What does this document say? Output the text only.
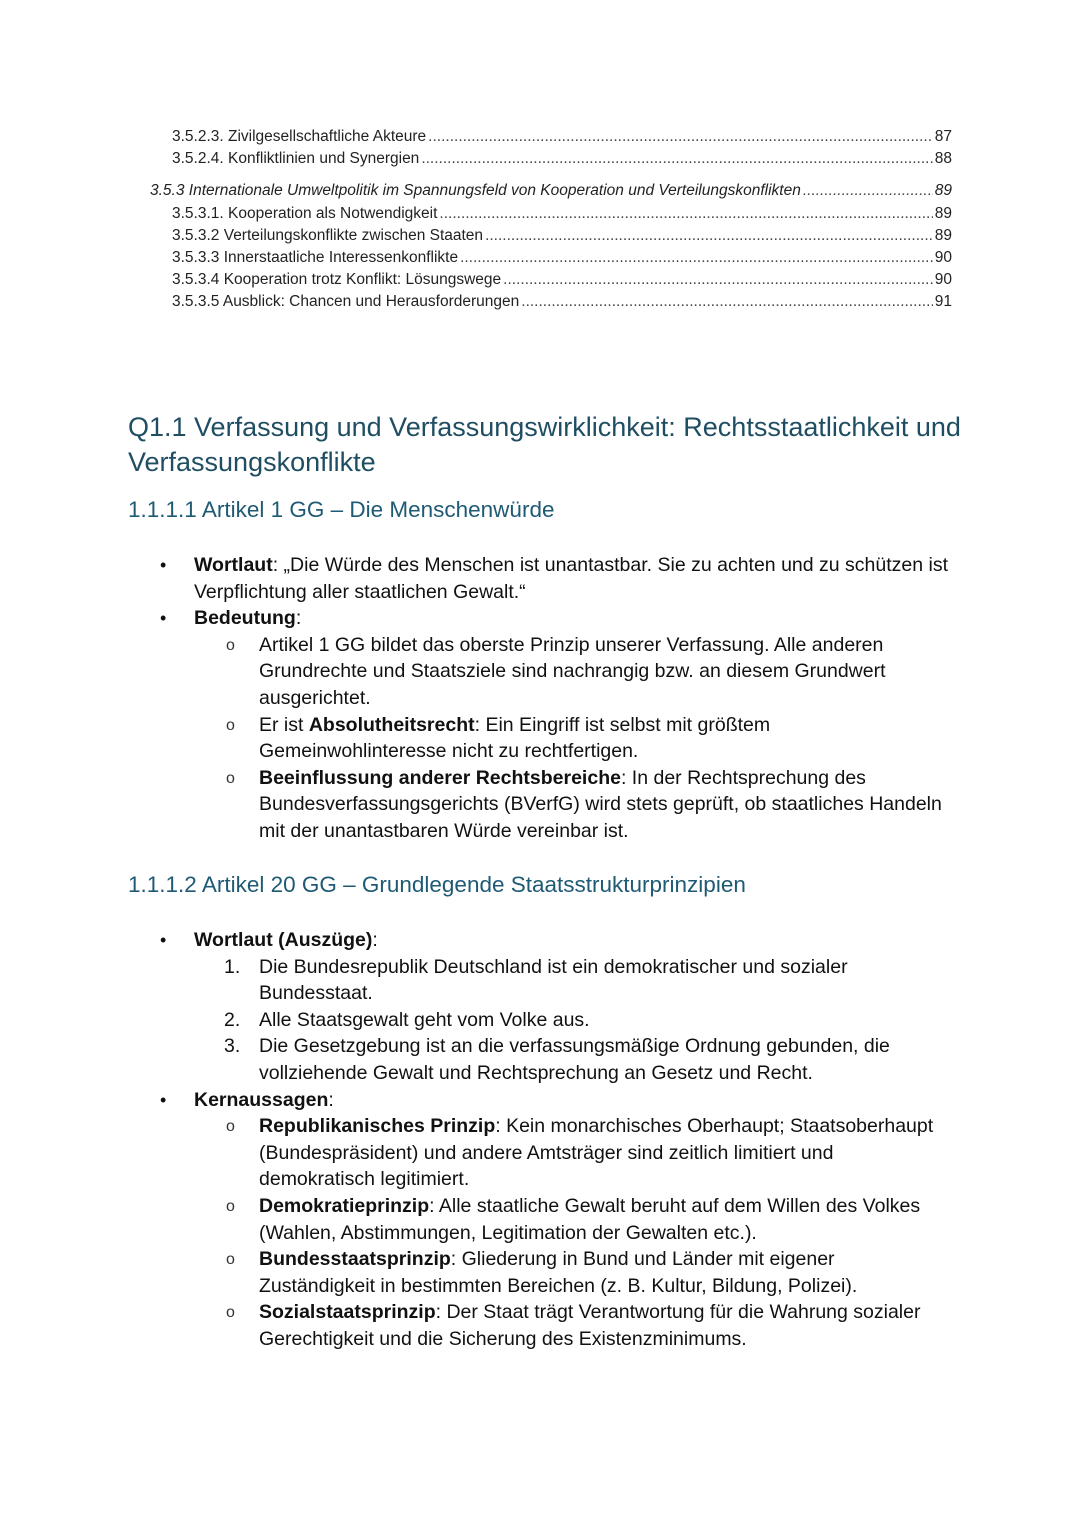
3.5.2.3. Zivilgesellschaftliche Akteure .....	87
3.5.2.4. Konfliktlinien und Synergien .....	88
3.5.3 Internationale Umweltpolitik im Spannungsfeld von Kooperation und Verteilungskonflikten .....	89
3.5.3.1. Kooperation als Notwendigkeit .....	89
3.5.3.2 Verteilungskonflikte zwischen Staaten .....	89
3.5.3.3 Innerstaatliche Interessenkonflikte .....	90
3.5.3.4 Kooperation trotz Konflikt: Lösungswege .....	90
3.5.3.5 Ausblick: Chancen und Herausforderungen .....	91
Q1.1 Verfassung und Verfassungswirklichkeit: Rechtsstaatlichkeit und Verfassungskonflikte
1.1.1.1 Artikel 1 GG – Die Menschenwürde
•	Wortlaut: „Die Würde des Menschen ist unantastbar. Sie zu achten und zu schützen ist Verpflichtung aller staatlichen Gewalt.“
•	Bedeutung:
o Artikel 1 GG bildet das oberste Prinzip unserer Verfassung. Alle anderen Grundrechte und Staatsziele sind nachrangig bzw. an diesem Grundwert ausgerichtet.
o Er ist Absolutheitsrecht: Ein Eingriff ist selbst mit größtem Gemeinwohlinteresse nicht zu rechtfertigen.
o Beeinflussung anderer Rechtsbereiche: In der Rechtsprechung des Bundesverfassungsgerichts (BVerfG) wird stets geprüft, ob staatliches Handeln mit der unantastbaren Würde vereinbar ist.
1.1.1.2 Artikel 20 GG – Grundlegende Staatsstrukturprinzipien
•	Wortlaut (Auszüge):
1. Die Bundesrepublik Deutschland ist ein demokratischer und sozialer Bundesstaat.
2. Alle Staatsgewalt geht vom Volke aus.
3. Die Gesetzgebung ist an die verfassungsmäßige Ordnung gebunden, die vollziehende Gewalt und Rechtsprechung an Gesetz und Recht.
•	Kernaussagen:
o Republikanisches Prinzip: Kein monarchisches Oberhaupt; Staatsoberhaupt (Bundespräsident) und andere Amtsträger sind zeitlich limitiert und demokratisch legitimiert.
o Demokratieprinzip: Alle staatliche Gewalt beruht auf dem Willen des Volkes (Wahlen, Abstimmungen, Legitimation der Gewalten etc.).
o Bundesstaatsprinzip: Gliederung in Bund und Länder mit eigener Zuständigkeit in bestimmten Bereichen (z. B. Kultur, Bildung, Polizei).
o Sozialstaatsprinzip: Der Staat trägt Verantwortung für die Wahrung sozialer Gerechtigkeit und die Sicherung des Existenzminimums.
